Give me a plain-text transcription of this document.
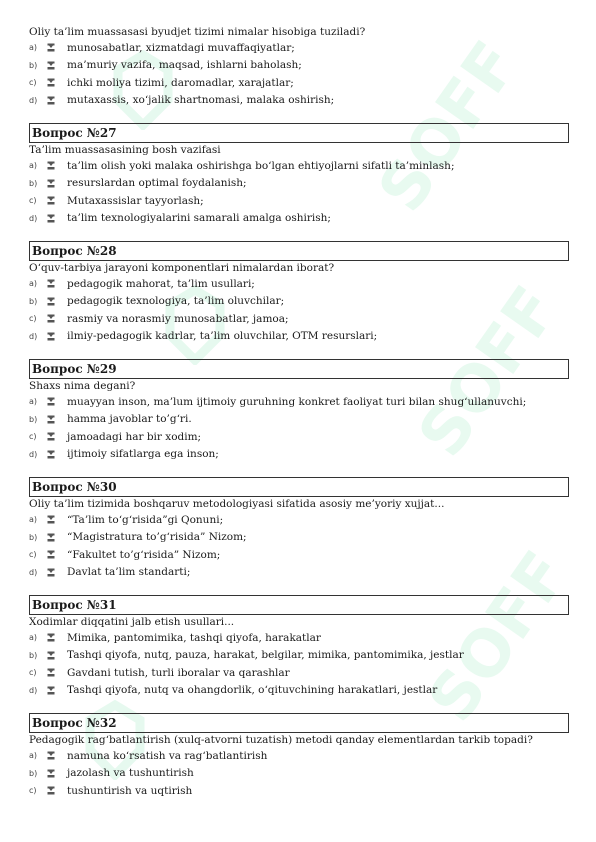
SOFF
SOFF
SOFF
Oliy ta’lim muassasasi byudjet tizimi nimalar hisobiga tuziladi?
a)	munosabatlar, xizmatdagi muvaffaqiyatlar;
b)	ma’muriy vazifa, maqsad, ishlarni baholash;
c)	ichki moliya tizimi, daromadlar, xarajatlar;
d)	mutaxassis, xo‘jalik shartnomasi, malaka oshirish;
Вопрос №27
Ta’lim muassasasining bosh vazifasi
a)	ta’lim olish yoki malaka oshirishga bo‘lgan ehtiyojlarni sifatli ta’minlash;
b)	resurslardan optimal foydalanish;
c)	Mutaxassislar tayyorlash;
d)	ta’lim texnologiyalarini samarali amalga oshirish;
Вопрос №28
O‘quv-tarbiya jarayoni komponentlari nimalardan iborat?
a)	pedagogik mahorat, ta’lim usullari;
b)	pedagogik texnologiya, ta’lim oluvchilar;
c)	rasmiy va norasmiy munosabatlar, jamoa;
d)	ilmiy-pedagogik kadrlar, ta’lim oluvchilar, OTM resurslari;
Вопрос №29
Shaxs nima degani?
a)	muayyan inson, ma’lum ijtimoiy guruhning konkret faoliyat turi bilan shug‘ullanuvchi;
b)	hamma javoblar to’g‘ri.
c)	jamoadagi har bir xodim;
d)	ijtimoiy sifatlarga ega inson;
Вопрос №30
Oliy ta’lim tizimida boshqaruv metodologiyasi sifatida asosiy me’yoriy xujjat...
a)	“Ta’lim to‘g‘risida”gi Qonuni;
b)	“Magistratura to’g‘risida” Nizom;
c)	“Fakultet to’g‘risida” Nizom;
d)	Davlat ta’lim standarti;
Вопрос №31
Xodimlar diqqatini jalb etish usullari...
a)	Mimika, pantomimika, tashqi qiyofa, harakatlar
b)	Tashqi qiyofa, nutq, pauza, harakat, belgilar, mimika, pantomimika, jestlar
c)	Gavdani tutish, turli iboralar va qarashlar
d)	Tashqi qiyofa, nutq va ohangdorlik, o‘qituvchining harakatlari, jestlar
Вопрос №32
Pedagogik rag‘batlantirish (xulq-atvorni tuzatish) metodi qanday elementlardan tarkib topadi?
a)	namuna ko‘rsatish va rag‘batlantirish
b)	jazolash va tushuntirish
c)	tushuntirish va uqtirish
